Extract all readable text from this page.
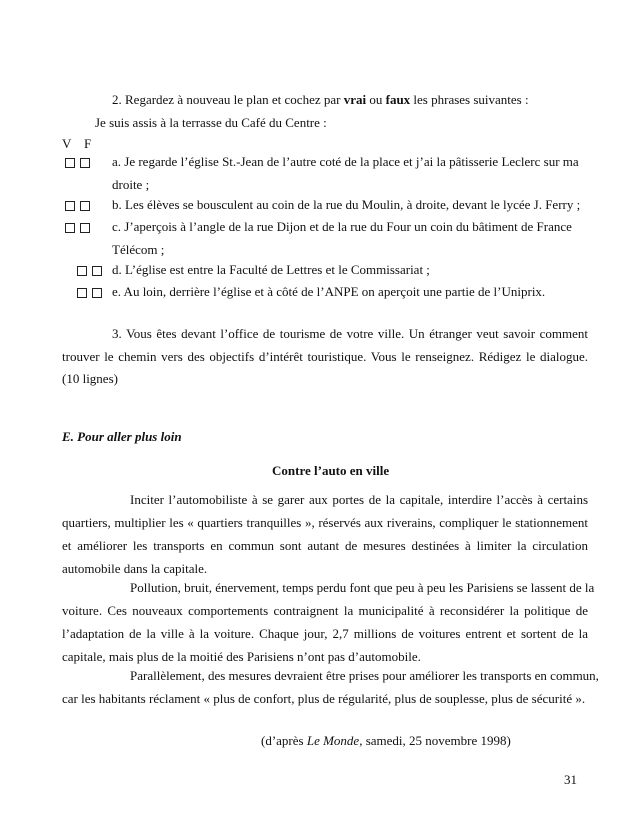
2. Regardez à nouveau le plan et cochez par vrai ou faux les phrases suivantes :
Je suis assis à la terrasse du Café du Centre :
V F
a. Je regarde l’église St.-Jean de l’autre coté de la place et j’ai la pâtisserie Leclerc sur ma
droite ;
b. Les élèves se bousculent au coin de la rue du Moulin, à droite, devant le lycée J. Ferry ;
c. J’aperçois à l’angle de la rue Dijon et de la rue du Four un coin du bâtiment de France
Télécom ;
d. L’église est entre la Faculté de Lettres et le Commissariat ;
e. Au loin, derrière l’église et à côté de l’ANPE on aperçoit une partie de l’Uniprix.
3. Vous êtes devant l’office de tourisme de votre ville. Un étranger veut savoir comment
trouver le chemin vers des objectifs d’intérêt touristique. Vous le renseignez. Rédigez le dialogue.
(10 lignes)
E. Pour aller plus loin
Contre l’auto en ville
Inciter l’automobiliste à se garer aux portes de la capitale, interdire l’accès à certains
quartiers, multiplier les « quartiers tranquilles », réservés aux riverains, compliquer le stationnement
et améliorer les transports en commun sont autant de mesures destinées à limiter la circulation
automobile dans la capitale.
Pollution, bruit, énervement, temps perdu font que peu à peu les Parisiens se lassent de la
voiture. Ces nouveaux comportements contraignent la municipalité à reconsidérer la politique de
l’adaptation de la ville à la voiture. Chaque jour, 2,7 millions de voitures entrent et sortent de la
capitale, mais plus de la moitié des Parisiens n’ont pas d’automobile.
Parallèlement, des mesures devraient être prises pour améliorer les transports en commun,
car les habitants réclament « plus de confort, plus de régularité, plus de souplesse, plus de sécurité ».
(d’après Le Monde, samedi, 25 novembre 1998)
31
